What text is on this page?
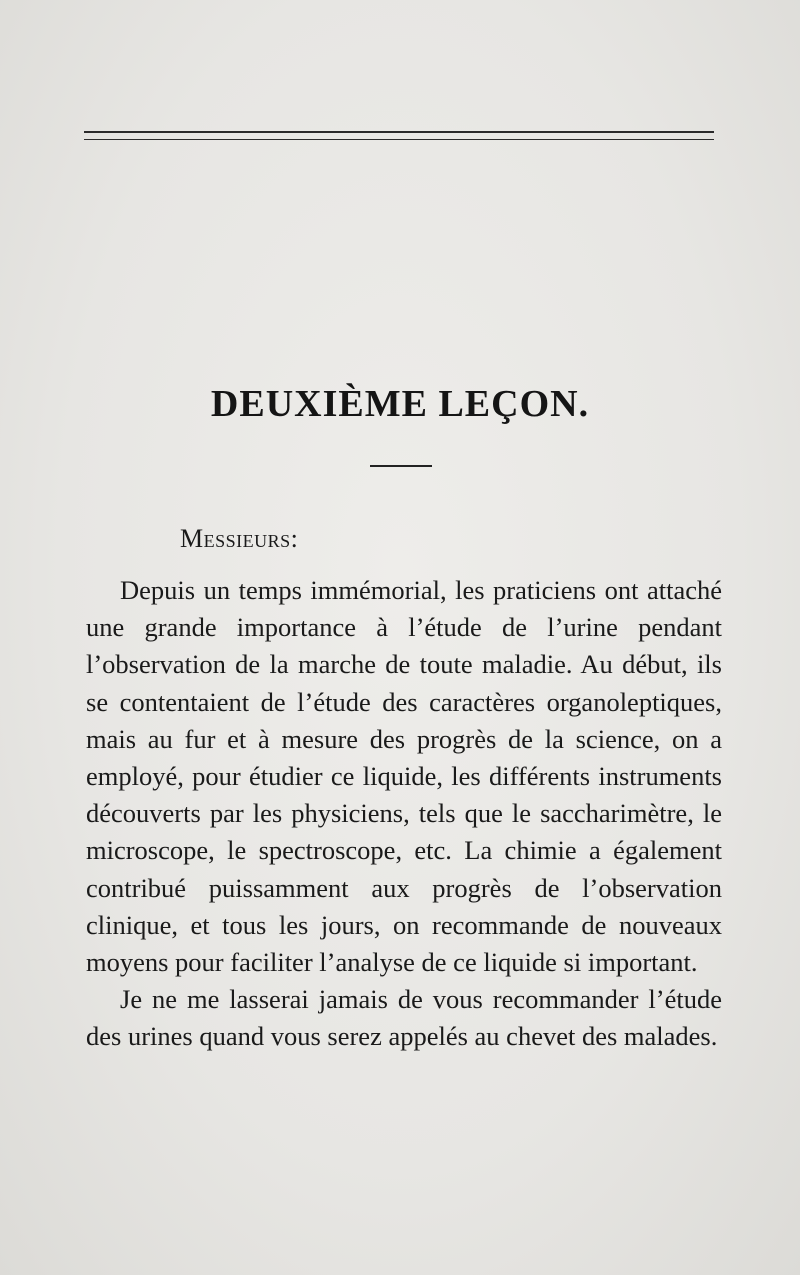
DEUXIÈME LEÇON.
Messieurs:

Depuis un temps immémorial, les praticiens ont attaché une grande importance à l’étude de l’urine pendant l’observation de la marche de toute maladie. Au début, ils se contentaient de l’étude des caractères organoleptiques, mais au fur et à mesure des progrès de la science, on a employé, pour étudier ce liquide, les différents instruments découverts par les physiciens, tels que le saccharimètre, le microscope, le spectroscope, etc. La chimie a également contribué puissamment aux progrès de l’observation clinique, et tous les jours, on recommande de nouveaux moyens pour faciliter l’analyse de ce liquide si important.

Je ne me lasserai jamais de vous recommander l’étude des urines quand vous serez appelés au chevet des malades.
